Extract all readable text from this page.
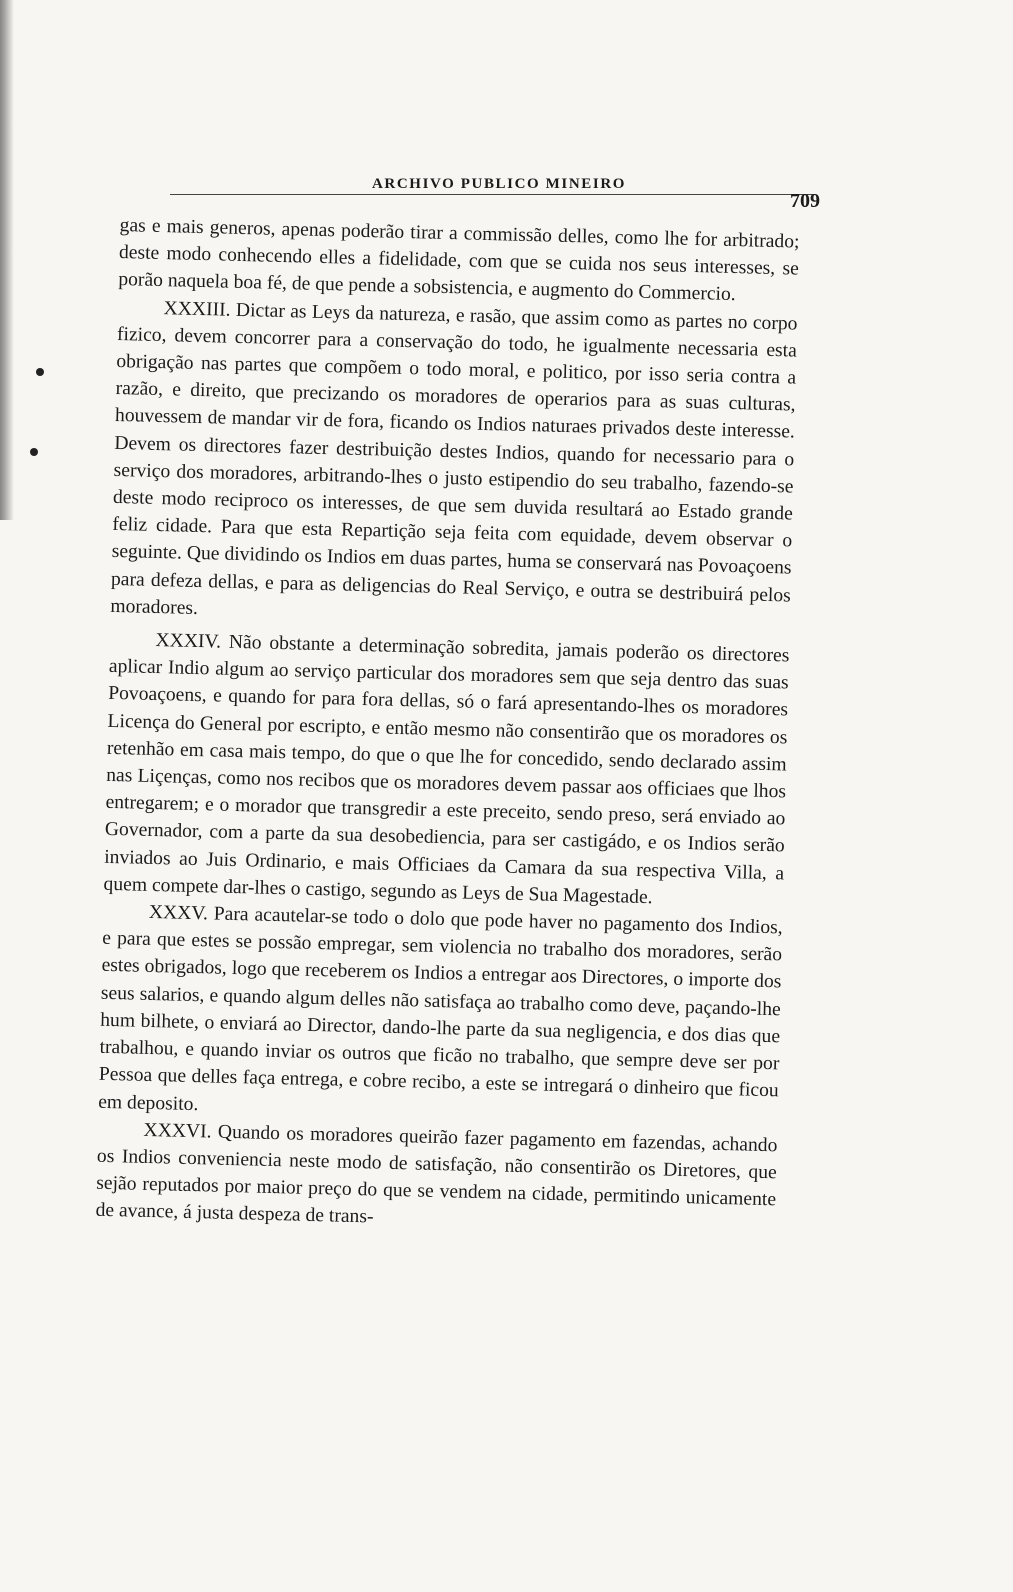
ARCHIVO PUBLICO MINEIRO
709

gas e mais generos, apenas poderão tirar a commissão delles, como lhe for arbitrado; deste modo conhecendo elles a fidelidade, com que se cuida nos seus interesses, se porão naquela boa fé, de que pende a sobsistencia, e augmento do Commercio.

XXXIII. Dictar as Leys da natureza, e rasão, que assim como as partes no corpo fizico, devem concorrer para a conservação do todo, he igualmente necessaria esta obrigação nas partes que compõem o todo moral, e politico, por isso seria contra a razão, e direito, que precizando os moradores de operarios para as suas culturas, houvessem de mandar vir de fora, ficando os Indios naturaes privados deste interesse. Devem os directores fazer destribuição destes Indios, quando for necessario para o serviço dos moradores, arbitrando-lhes o justo estipendio do seu trabalho, fazendo-se deste modo reciproco os interesses, de que sem duvida resultará ao Estado grande feliz cidade. Para que esta Repartição seja feita com equidade, devem observar o seguinte. Que dividindo os Indios em duas partes, huma se conservará nas Povoaçoens para defeza dellas, e para as deligencias do Real Serviço, e outra se destribuirá pelos moradores.

XXXIV. Não obstante a determinação sobredita, jamais poderão os directores aplicar Indio algum ao serviço particular dos moradores sem que seja dentro das suas Povoaçoens, e quando for para fora dellas, só o fará apresentando-lhes os moradores Licença do General por escripto, e então mesmo não consentirão que os moradores os retenhão em casa mais tempo, do que o que lhe for concedido, sendo declarado assim nas Liçenças, como nos recibos que os moradores devem passar aos officiaes que lhos entregarem; e o morador que transgredir a este preceito, sendo preso, será enviado ao Governador, com a parte da sua desobediencia, para ser castigádo, e os Indios serão inviados ao Juis Ordinario, e mais Officiaes da Camara da sua respectiva Villa, a quem compete dar-lhes o castigo, segundo as Leys de Sua Magestade.

XXXV. Para acautelar-se todo o dolo que pode haver no pagamento dos Indios, e para que estes se possão empregar, sem violencia no trabalho dos moradores, serão estes obrigados, logo que receberem os Indios a entregar aos Directores, o importe dos seus salarios, e quando algum delles não satisfaça ao trabalho como deve, paçando-lhe hum bilhete, o enviará ao Director, dando-lhe parte da sua negligencia, e dos dias que trabalhou, e quando inviar os outros que ficão no trabalho, que sempre deve ser por Pessoa que delles faça entrega, e cobre recibo, a este se intregará o dinheiro que ficou em deposito.

XXXVI. Quando os moradores queirão fazer pagamento em fazendas, achando os Indios conveniencia neste modo de satisfação, não consentirão os Diretores, que sejão reputados por maior preço do que se vendem na cidade, permitindo unicamente de avance, á justa despeza de trans-
